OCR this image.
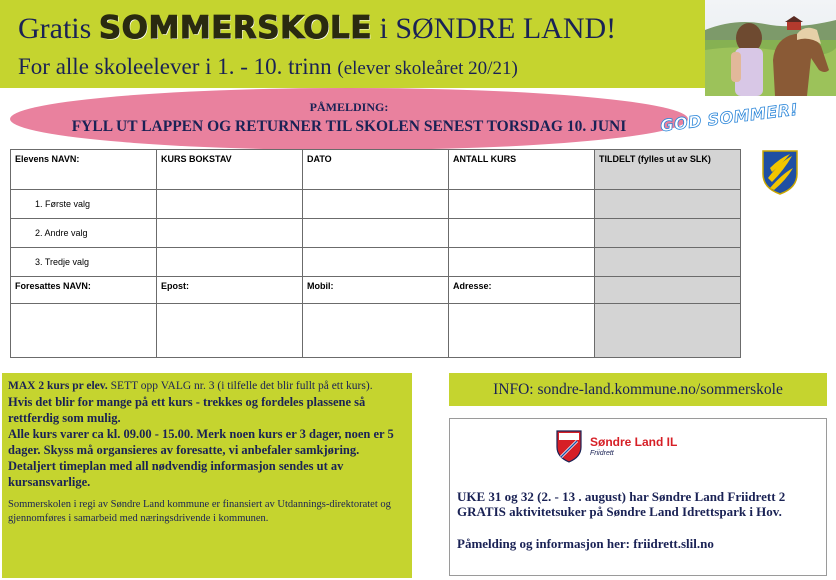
Gratis SOMMERSKOLE i SØNDRE LAND!
For alle skoleelever i 1. - 10. trinn (elever skoleåret 20/21)
PÅMELDING:
FYLL UT LAPPEN OG RETURNER TIL SKOLEN SENEST TORSDAG 10. JUNI	GOD SOMMER!
Elevens NAVN:	KURS BOKSTAV	DATO	ANTALL KURS	TILDELT (fylles ut av SLK)
1. Første valg				
2. Andre valg				
3. Tredje valg				
Foresattes NAVN:	Epost:	Mobil:	Adresse:	

MAX 2 kurs pr elev. SETT opp VALG nr. 3 (i tilfelle det blir fullt på ett kurs).

Hvis det blir for mange på ett kurs - trekkes og fordeles plassene så rettferdig som mulig.
Alle kurs varer ca kl. 09.00 - 15.00. Merk noen kurs er 3 dager, noen er 5 dager. Skyss må organsieres av foresatte, vi anbefaler samkjøring. Detaljert timeplan med all nødvendig informasjon sendes ut av kursansvarlige.

Sommerskolen i regi av Søndre Land kommune er finansiert av Utdannings-direktoratet og gjennomføres i samarbeid med næringsdrivende i kommunen.

INFO: sondre-land.kommune.no/sommerskole
Søndre Land IL
Friidrett

UKE 31 og 32 (2. - 13 . august) har Søndre Land Friidrett 2 GRATIS aktivitetsuker på Søndre Land Idrettspark i Hov.

Påmelding og informasjon her: friidrett.slil.no
